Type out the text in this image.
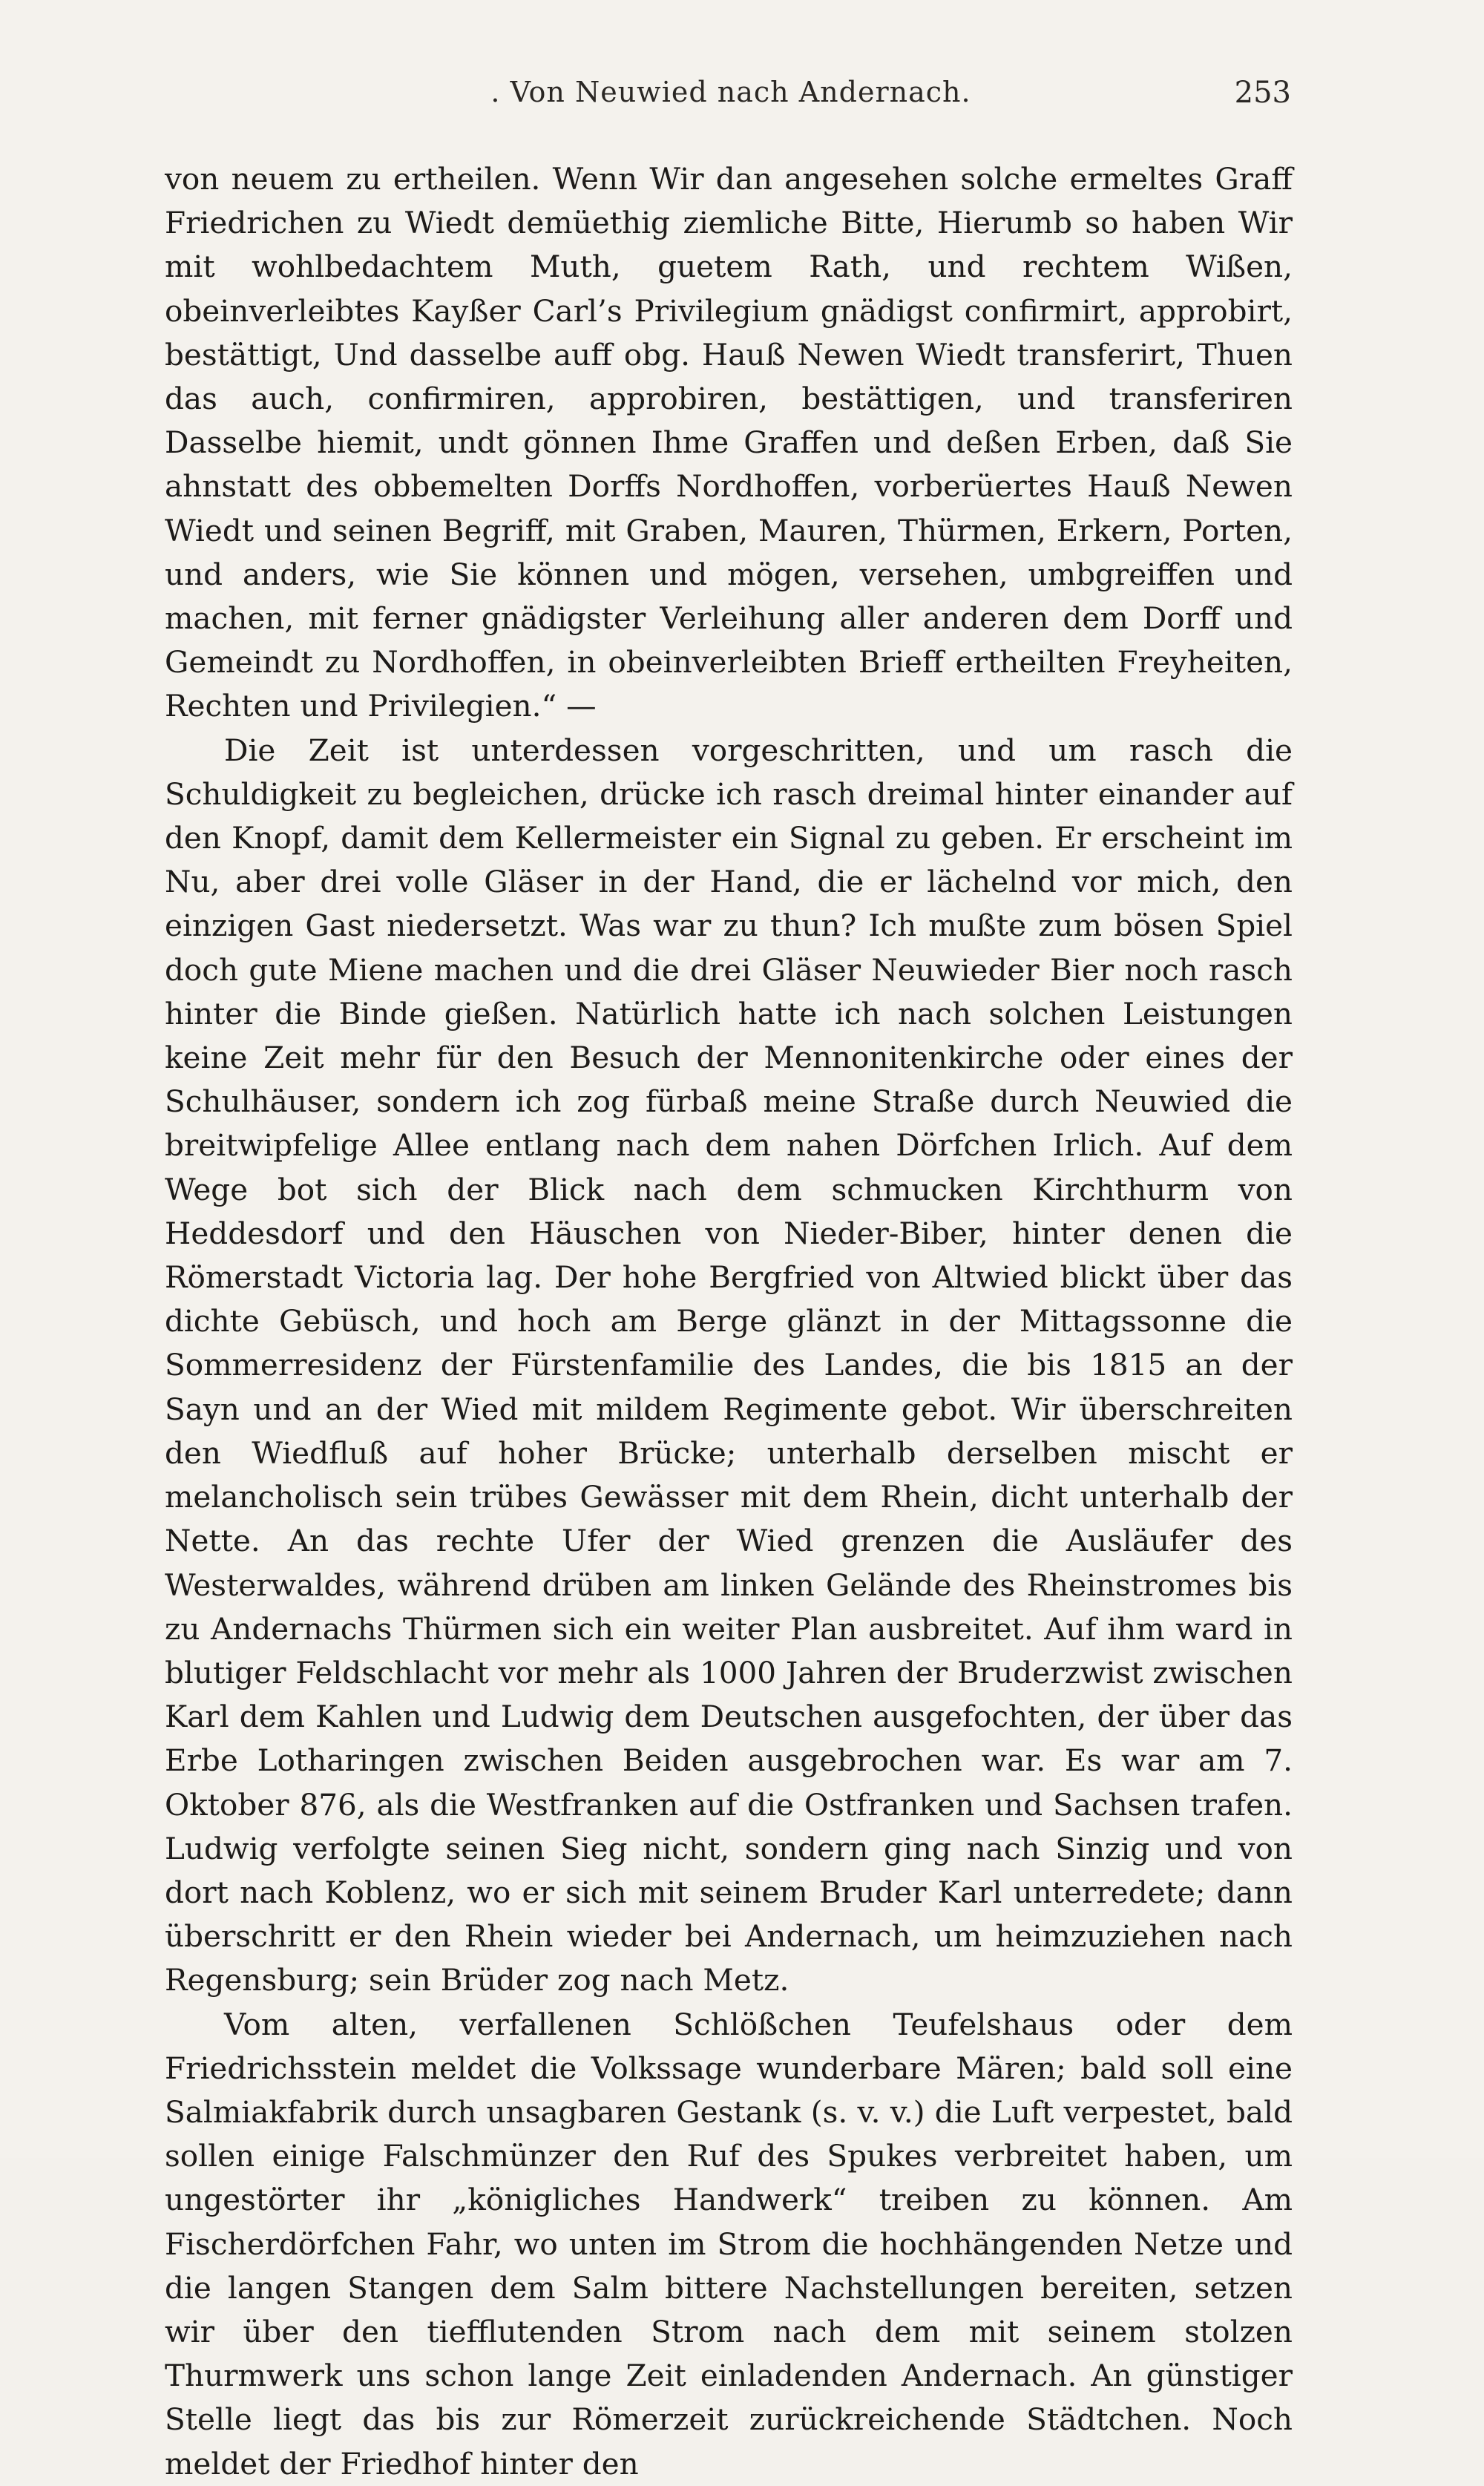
. Von Neuwied nach Andernach.	253

von neuem zu ertheilen. Wenn Wir dan angesehen solche ermeltes Graff Friedrichen zu Wiedt demüethig ziemliche Bitte, Hierumb so haben Wir mit wohlbedachtem Muth, guetem Rath, und rechtem Wißen, obeinverleibtes Kayßer Carl’s Privilegium gnädigst confirmirt, approbirt, bestättigt, Und dasselbe auff obg. Hauß Newen Wiedt transferirt, Thuen das auch, confirmiren, approbiren, bestättigen, und transferiren Dasselbe hiemit, undt gönnen Ihme Graffen und deßen Erben, daß Sie ahnstatt des obbemelten Dorffs Nordhoffen, vorberüertes Hauß Newen Wiedt und seinen Begriff, mit Graben, Mauren, Thürmen, Erkern, Porten, und anders, wie Sie können und mögen, versehen, umbgreiffen und machen, mit ferner gnädigster Verleihung aller anderen dem Dorff und Gemeindt zu Nordhoffen, in obeinverleibten Brieff ertheilten Freyheiten, Rechten und Privilegien.“ —

Die Zeit ist unterdessen vorgeschritten, und um rasch die Schuldigkeit zu begleichen, drücke ich rasch dreimal hinter einander auf den Knopf, damit dem Kellermeister ein Signal zu geben. Er erscheint im Nu, aber drei volle Gläser in der Hand, die er lächelnd vor mich, den einzigen Gast niedersetzt. Was war zu thun? Ich mußte zum bösen Spiel doch gute Miene machen und die drei Gläser Neuwieder Bier noch rasch hinter die Binde gießen. Natürlich hatte ich nach solchen Leistungen keine Zeit mehr für den Besuch der Mennonitenkirche oder eines der Schulhäuser, sondern ich zog fürbaß meine Straße durch Neuwied die breitwipfelige Allee entlang nach dem nahen Dörfchen Irlich. Auf dem Wege bot sich der Blick nach dem schmucken Kirchthurm von Heddesdorf und den Häuschen von Nieder-Biber, hinter denen die Römerstadt Victoria lag. Der hohe Bergfried von Altwied blickt über das dichte Gebüsch, und hoch am Berge glänzt in der Mittagssonne die Sommerresidenz der Fürstenfamilie des Landes, die bis 1815 an der Sayn und an der Wied mit mildem Regimente gebot. Wir überschreiten den Wiedfluß auf hoher Brücke; unterhalb derselben mischt er melancholisch sein trübes Gewässer mit dem Rhein, dicht unterhalb der Nette. An das rechte Ufer der Wied grenzen die Ausläufer des Westerwaldes, während drüben am linken Gelände des Rheinstromes bis zu Andernachs Thürmen sich ein weiter Plan ausbreitet. Auf ihm ward in blutiger Feldschlacht vor mehr als 1000 Jahren der Bruderzwist zwischen Karl dem Kahlen und Ludwig dem Deutschen ausgefochten, der über das Erbe Lotharingen zwischen Beiden ausgebrochen war. Es war am 7. Oktober 876, als die Westfranken auf die Ostfranken und Sachsen trafen. Ludwig verfolgte seinen Sieg nicht, sondern ging nach Sinzig und von dort nach Koblenz, wo er sich mit seinem Bruder Karl unterredete; dann überschritt er den Rhein wieder bei Andernach, um heimzuziehen nach Regensburg; sein Brüder zog nach Metz.

Vom alten, verfallenen Schlößchen Teufelshaus oder dem Friedrichsstein meldet die Volkssage wunderbare Mären; bald soll eine Salmiakfabrik durch unsagbaren Gestank (s. v. v.) die Luft verpestet, bald sollen einige Falschmünzer den Ruf des Spukes verbreitet haben, um ungestörter ihr „königliches Handwerk“ treiben zu können. Am Fischerdörfchen Fahr, wo unten im Strom die hochhängenden Netze und die langen Stangen dem Salm bittere Nachstellungen bereiten, setzen wir über den tiefflutenden Strom nach dem mit seinem stolzen Thurmwerk uns schon lange Zeit einladenden Andernach. An günstiger Stelle liegt das bis zur Römerzeit zurückreichende Städtchen. Noch meldet der Friedhof hinter den
